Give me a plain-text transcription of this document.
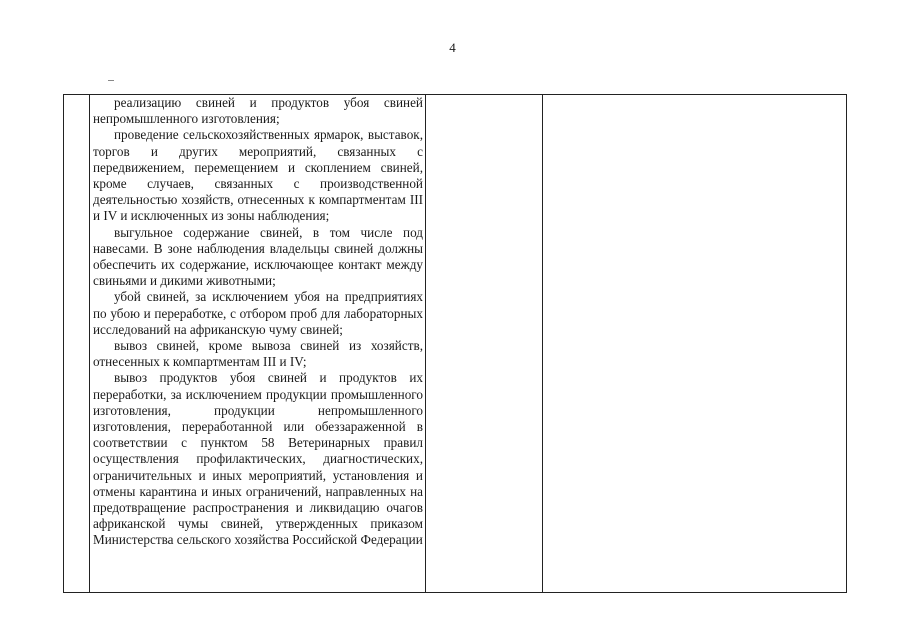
4

реализацию свиней и продуктов убоя свиней непромышленного изготовления;

проведение сельскохозяйственных ярмарок, выставок, торгов и других мероприятий, связанных с передвижением, перемещением и скоплением свиней, кроме случаев, связанных с производственной деятельностью хозяйств, отнесенных к компартментам III и IV и исключенных из зоны наблюдения;

выгульное содержание свиней, в том числе под навесами. В зоне наблюдения владельцы свиней должны обеспечить их содержание, исключающее контакт между свиньями и дикими животными;

убой свиней, за исключением убоя на предприятиях по убою и переработке, с отбором проб для лабораторных исследований на африканскую чуму свиней;

вывоз свиней, кроме вывоза свиней из хозяйств, отнесенных к компартментам III и IV;

вывоз продуктов убоя свиней и продуктов их переработки, за исключением продукции промышленного изготовления, продукции непромышленного изготовления, переработанной или обеззараженной в соответствии с пунктом 58 Ветеринарных правил осуществления профилактических, диагностических, ограничительных и иных мероприятий, установления и отмены карантина и иных ограничений, направленных на предотвращение распространения и ликвидацию очагов африканской чумы свиней, утвержденных приказом Министерства сельского хозяйства Российской Федерации
